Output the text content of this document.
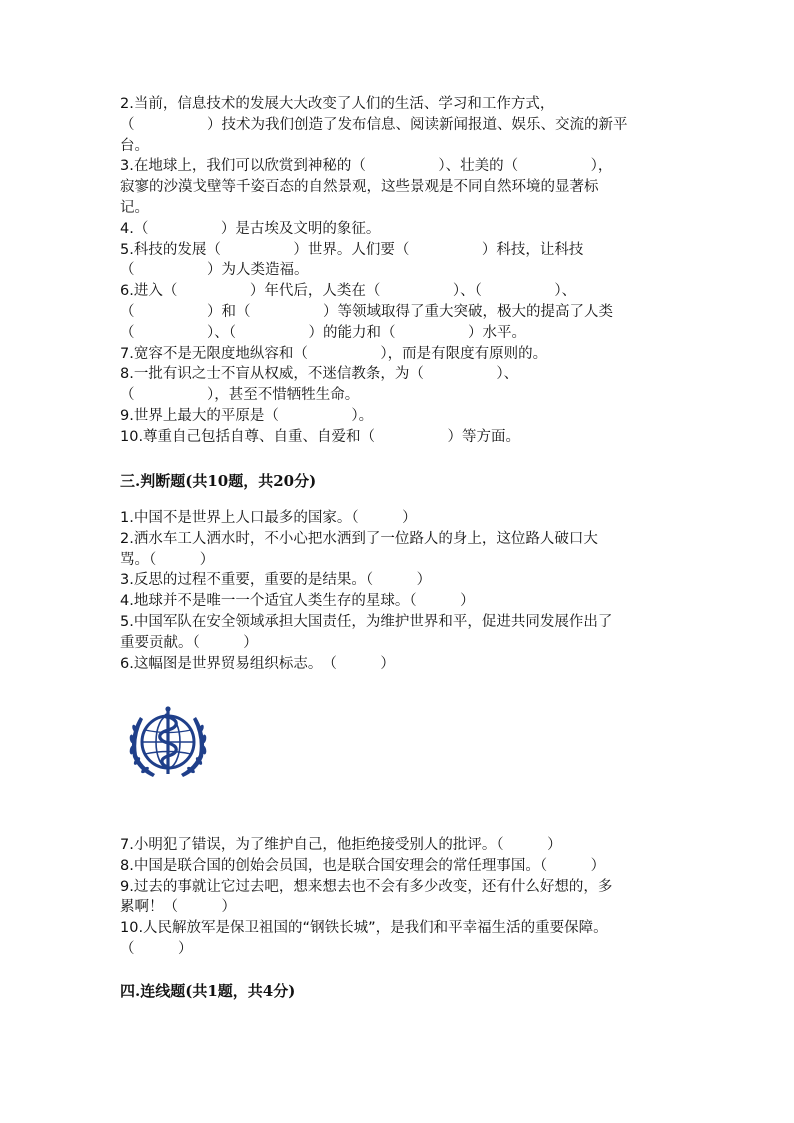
2.当前，信息技术的发展大大改变了人们的生活、学习和工作方式，
（　　　　　）技术为我们创造了发布信息、阅读新闻报道、娱乐、交流的新平
台。
3.在地球上，我们可以欣赏到神秘的（　　　　　）、壮美的（　　　　　），
寂寥的沙漠戈壁等千姿百态的自然景观，这些景观是不同自然环境的显著标
记。
4.（　　　　　）是古埃及文明的象征。
5.科技的发展（　　　　　）世界。人们要（　　　　　）科技，让科技
（　　　　　）为人类造福。
6.进入（　　　　　）年代后，人类在（　　　　　）、（　　　　　）、
（　　　　　）和（　　　　　）等领域取得了重大突破，极大的提高了人类
（　　　　　）、（　　　　　）的能力和（　　　　　）水平。
7.宽容不是无限度地纵容和（　　　　　），而是有限度有原则的。
8.一批有识之士不盲从权威，不迷信教条，为（　　　　　）、
（　　　　　），甚至不惜牺牲生命。
9.世界上最大的平原是（　　　　　）。
10.尊重自己包括自尊、自重、自爱和（　　　　　）等方面。
三.判断题(共10题，共20分)
1.中国不是世界上人口最多的国家。（　　　）
2.洒水车工人洒水时，不小心把水洒到了一位路人的身上，这位路人破口大
骂。（　　　）
3.反思的过程不重要，重要的是结果。（　　　）
4.地球并不是唯一一个适宜人类生存的星球。（　　　）
5.中国军队在安全领域承担大国责任，为维护世界和平，促进共同发展作出了
重要贡献。（　　　）
6.这幅图是世界贸易组织标志。　（　　　）
7.小明犯了错误，为了维护自己，他拒绝接受别人的批评。（　　　）
8.中国是联合国的创始会员国，也是联合国安理会的常任理事国。（　　　）
9.过去的事就让它过去吧，想来想去也不会有多少改变，还有什么好想的，多
累啊！（　　　）
10.人民解放军是保卫祖国的“钢铁长城”，是我们和平幸福生活的重要保障。
（　　　）
四.连线题(共1题，共4分)
